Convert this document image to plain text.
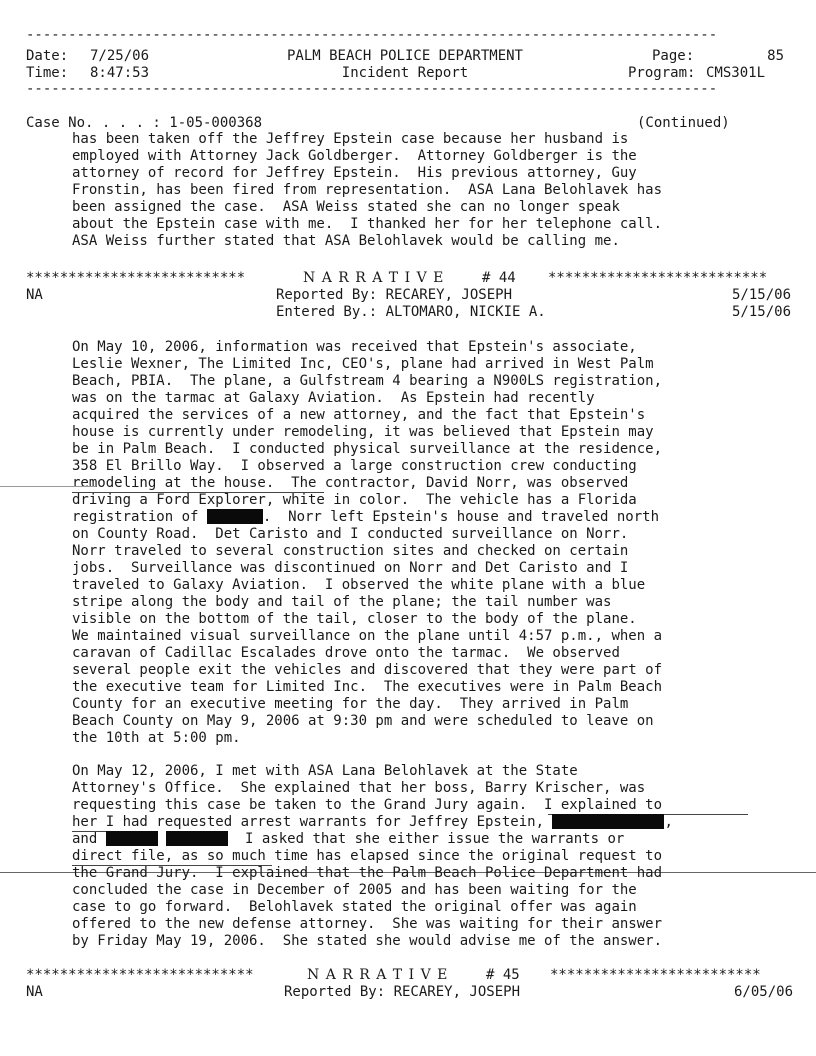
----------------------------------------------------------------------------------
Date: 7/25/06
Time: 8:47:53
PALM BEACH POLICE DEPARTMENT
Incident Report
Page:	85
Program: CMS301L
----------------------------------------------------------------------------------
Case No. . . . : 1-05-000368	(Continued)
has been taken off the Jeffrey Epstein case because her husband is
employed with Attorney Jack Goldberger.  Attorney Goldberger is the
attorney of record for Jeffrey Epstein.  His previous attorney, Guy
Fronstin, has been fired from representation.  ASA Lana Belohlavek has
been assigned the case.  ASA Weiss stated she can no longer speak
about the Epstein case with me.  I thanked her for her telephone call.
ASA Weiss further stated that ASA Belohlavek would be calling me.
**************************	N A R R A T I V E	# 44 **************************
NA	Reported By: RECAREY, JOSEPH	5/15/06
Entered By.: ALTOMARO, NICKIE A.	5/15/06
On May 10, 2006, information was received that Epstein's associate,
Leslie Wexner, The Limited Inc, CEO's, plane had arrived in West Palm
Beach, PBIA.  The plane, a Gulfstream 4 bearing a N900LS registration,
was on the tarmac at Galaxy Aviation.  As Epstein had recently
acquired the services of a new attorney, and the fact that Epstein's
house is currently under remodeling, it was believed that Epstein may
be in Palm Beach.  I conducted physical surveillance at the residence,
358 El Brillo Way.  I observed a large construction crew conducting
remodeling at the house.  The contractor, David Norr, was observed
driving a Ford Explorer, white in color.  The vehicle has a Florida
registration of	.  Norr left Epstein's house and traveled north
on County Road.  Det Caristo and I conducted surveillance on Norr.
Norr traveled to several construction sites and checked on certain
jobs.  Surveillance was discontinued on Norr and Det Caristo and I
traveled to Galaxy Aviation.  I observed the white plane with a blue
stripe along the body and tail of the plane; the tail number was
visible on the bottom of the tail, closer to the body of the plane.
We maintained visual surveillance on the plane until 4:57 p.m., when a
caravan of Cadillac Escalades drove onto the tarmac.  We observed
several people exit the vehicles and discovered that they were part of
the executive team for Limited Inc.  The executives were in Palm Beach
County for an executive meeting for the day.  They arrived in Palm
Beach County on May 9, 2006 at 9:30 pm and were scheduled to leave on
the 10th at 5:00 pm.
On May 12, 2006, I met with ASA Lana Belohlavek at the State
Attorney's Office.  She explained that her boss, Barry Krischer, was
requesting this case be taken to the Grand Jury again.  I explained to
her I had requested arrest warrants for Jeffrey Epstein,	,
and	I asked that she either issue the warrants or
direct file, as so much time has elapsed since the original request to
the Grand Jury.  I explained that the Palm Beach Police Department had
concluded the case in December of 2005 and has been waiting for the
case to go forward.  Belohlavek stated the original offer was again
offered to the new defense attorney.  She was waiting for their answer
by Friday May 19, 2006.  She stated she would advise me of the answer.
***************************	N A R R A T I V E	# 45 *************************
NA	Reported By: RECAREY, JOSEPH	6/05/06
